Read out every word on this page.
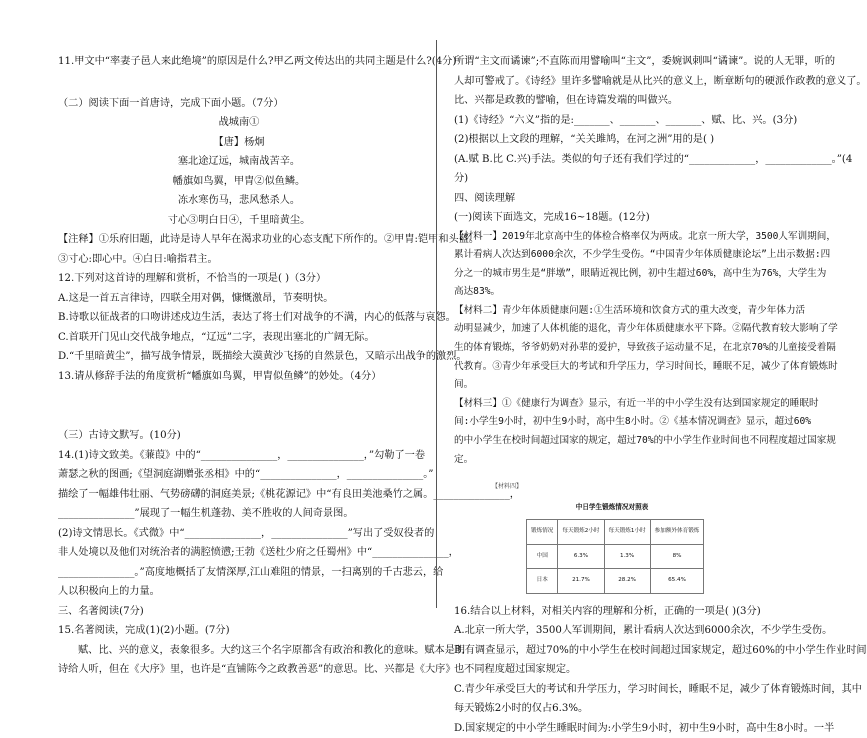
11.甲文中“率妻子邑人来此绝境”的原因是什么?甲乙两文传达出的共同主题是什么?(4分)
（二）阅读下面一首唐诗，完成下面小题。（7分）
战城南①
【唐】杨炯
塞北途辽远，城南战苦辛。
幡旗如鸟翼，甲胄②似鱼鳞。
冻水寒伤马，悲风愁杀人。
寸心③明白日④，千里暗黄尘。
【注释】①乐府旧题，此诗是诗人早年在渴求功业的心态支配下所作的。②甲胄:铠甲和头盔。
③寸心:即心中。④白日:喻指君主。
12.下列对这首诗的理解和赏析，不恰当的一项是( )（3分）
A.这是一首五言律诗，四联全用对偶，慷慨激昂，节奏明快。
B.诗歌以征战者的口吻讲述戍边生活，表达了将士们对战争的不满，内心的低落与哀怨。
C.首联开门见山交代战争地点，“辽远”二字，表现出塞北的广阔无际。
D.“千里暗黄尘”，描写战争情景，既描绘大漠黄沙飞扬的自然景色，又暗示出战争的激烈。
13.请从修辞手法的角度赏析“幡旗如鸟翼，甲胄似鱼鳞”的妙处。（4分）
（三）古诗文默写。(10分)
14.(1)诗文致美。《蒹葭》中的“_______________，_______________，”勾勒了一卷
萧瑟之秋的图画;《望洞庭湖赠张丞相》中的“_______________，_______________。”
描绘了一幅雄伟壮丽、气势磅礴的洞庭美景;《桃花源记》中“有良田美池桑竹之属。_______________，
_______________”展现了一幅生机蓬勃、美不胜收的人间奇景图。
(2)诗文情思长。《式微》中“_______________，_______________”写出了受奴役者的
非人处境以及他们对统治者的满腔愤懑;王勃《送杜少府之任蜀州》中“_______________，
_______________。”高度地概括了友情深厚,江山难阻的情景，一扫离别的千古悲云，给
人以积极向上的力量。
三、名著阅读(7分)
15.名著阅读，完成(1)(2)小题。(7分)
赋、比、兴的意义，表象很多。大约这三个名字原都含有政治和教化的意味。赋本是明
诗给人听，但在《大序》里，也许是“直铺陈今之政教善恶”的意思。比、兴都是《大序》
所谓“主文而谲谏”;不直陈而用譬喻叫“主文”，委婉讽刺叫“谲谏”。说的人无罪，听的
人却可警戒了。《诗经》里许多譬喻就是从比兴的意义上，断章断句的硬派作政教的意义了。
比、兴都是政教的譬喻，但在诗篇发端的叫做兴。
(1)《诗经》“六义”指的是:_______、_______、_______、赋、比、兴。(3分)
(2)根据以上文段的理解，“关关雎鸠，在河之洲”用的是( )
(A.赋 B.比 C.兴)手法。类似的句子还有我们学过的“_____________，_____________。”(4
分)
四、阅读理解
(一)阅读下面选文，完成16~18题。(12分)
【材料一】2019年北京高中生的体检合格率仅为两成。北京一所大学，3500人军训期间，
累计看病人次达到6000余次，不少学生受伤。“中国青少年体质健康论坛”上出示数据:四
分之一的城市男生是“胖墩”，眼睛近视比例，初中生超过60%，高中生为76%，大学生为
高达83%。
【材料二】青少年体质健康问题:①生活环境和饮食方式的重大改变，青少年体力活
动明显减少，加速了人体机能的退化，青少年体质健康水平下降。②隔代教育较大影响了学
生的体育锻炼，爷爷奶奶对孙辈的爱护，导致孩子运动量不足，在北京70%的儿童接受着隔
代教育。③青少年承受巨大的考试和升学压力，学习时间长，睡眠不足，减少了体育锻炼时
间。
【材料三】①《健康行为调查》显示，有近一半的中小学生没有达到国家规定的睡眠时
间:小学生9小时，初中生9小时，高中生8小时。②《基本情况调查》显示，超过60%
的中小学生在校时间超过国家的规定，超过70%的中小学生作业时间也不同程度超过国家规
定。
【材料四】
中日学生锻炼情况对照表
锻炼情况	每天锻炼2小时	每天锻炼1小时	参加额外体育锻炼
中国	6.3%	1.3%	8%
日本	21.7%	28.2%	65.4%
16.结合以上材料，对相关内容的理解和分析，正确的一项是( )(3分)
A.北京一所大学，3500人军训期间，累计看病人次达到6000余次，不少学生受伤。
B.有调查显示，超过70%的中小学生在校时间超过国家规定，超过60%的中小学生作业时间
也不同程度超过国家规定。
C.青少年承受巨大的考试和升学压力，学习时间长，睡眠不足，减少了体育锻炼时间，其中
每天锻炼2小时的仅占6.3%。
D.国家规定的中小学生睡眠时间为:小学生9小时，初中生9小时，高中生8小时。一半
